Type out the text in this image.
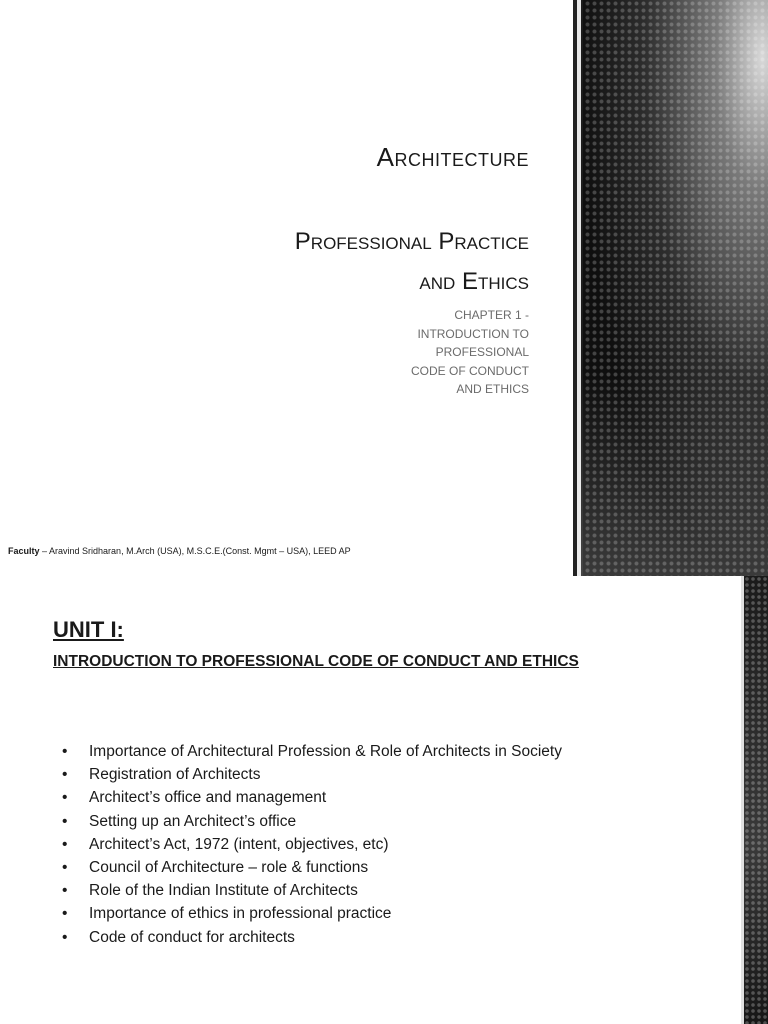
Architecture
Professional Practice
and Ethics
CHAPTER 1 -
INTRODUCTION TO
PROFESSIONAL
CODE OF CONDUCT
AND ETHICS
Faculty – Aravind Sridharan, M.Arch (USA), M.S.C.E.(Const. Mgmt – USA), LEED AP
UNIT I:
INTRODUCTION TO PROFESSIONAL CODE OF CONDUCT AND ETHICS
• Importance of Architectural Profession & Role of Architects in Society
• Registration of Architects
• Architect’s office and management
• Setting up an Architect’s office
• Architect’s Act, 1972 (intent, objectives, etc)
• Council of Architecture – role & functions
• Role of the Indian Institute of Architects
• Importance of ethics in professional practice
• Code of conduct for architects
